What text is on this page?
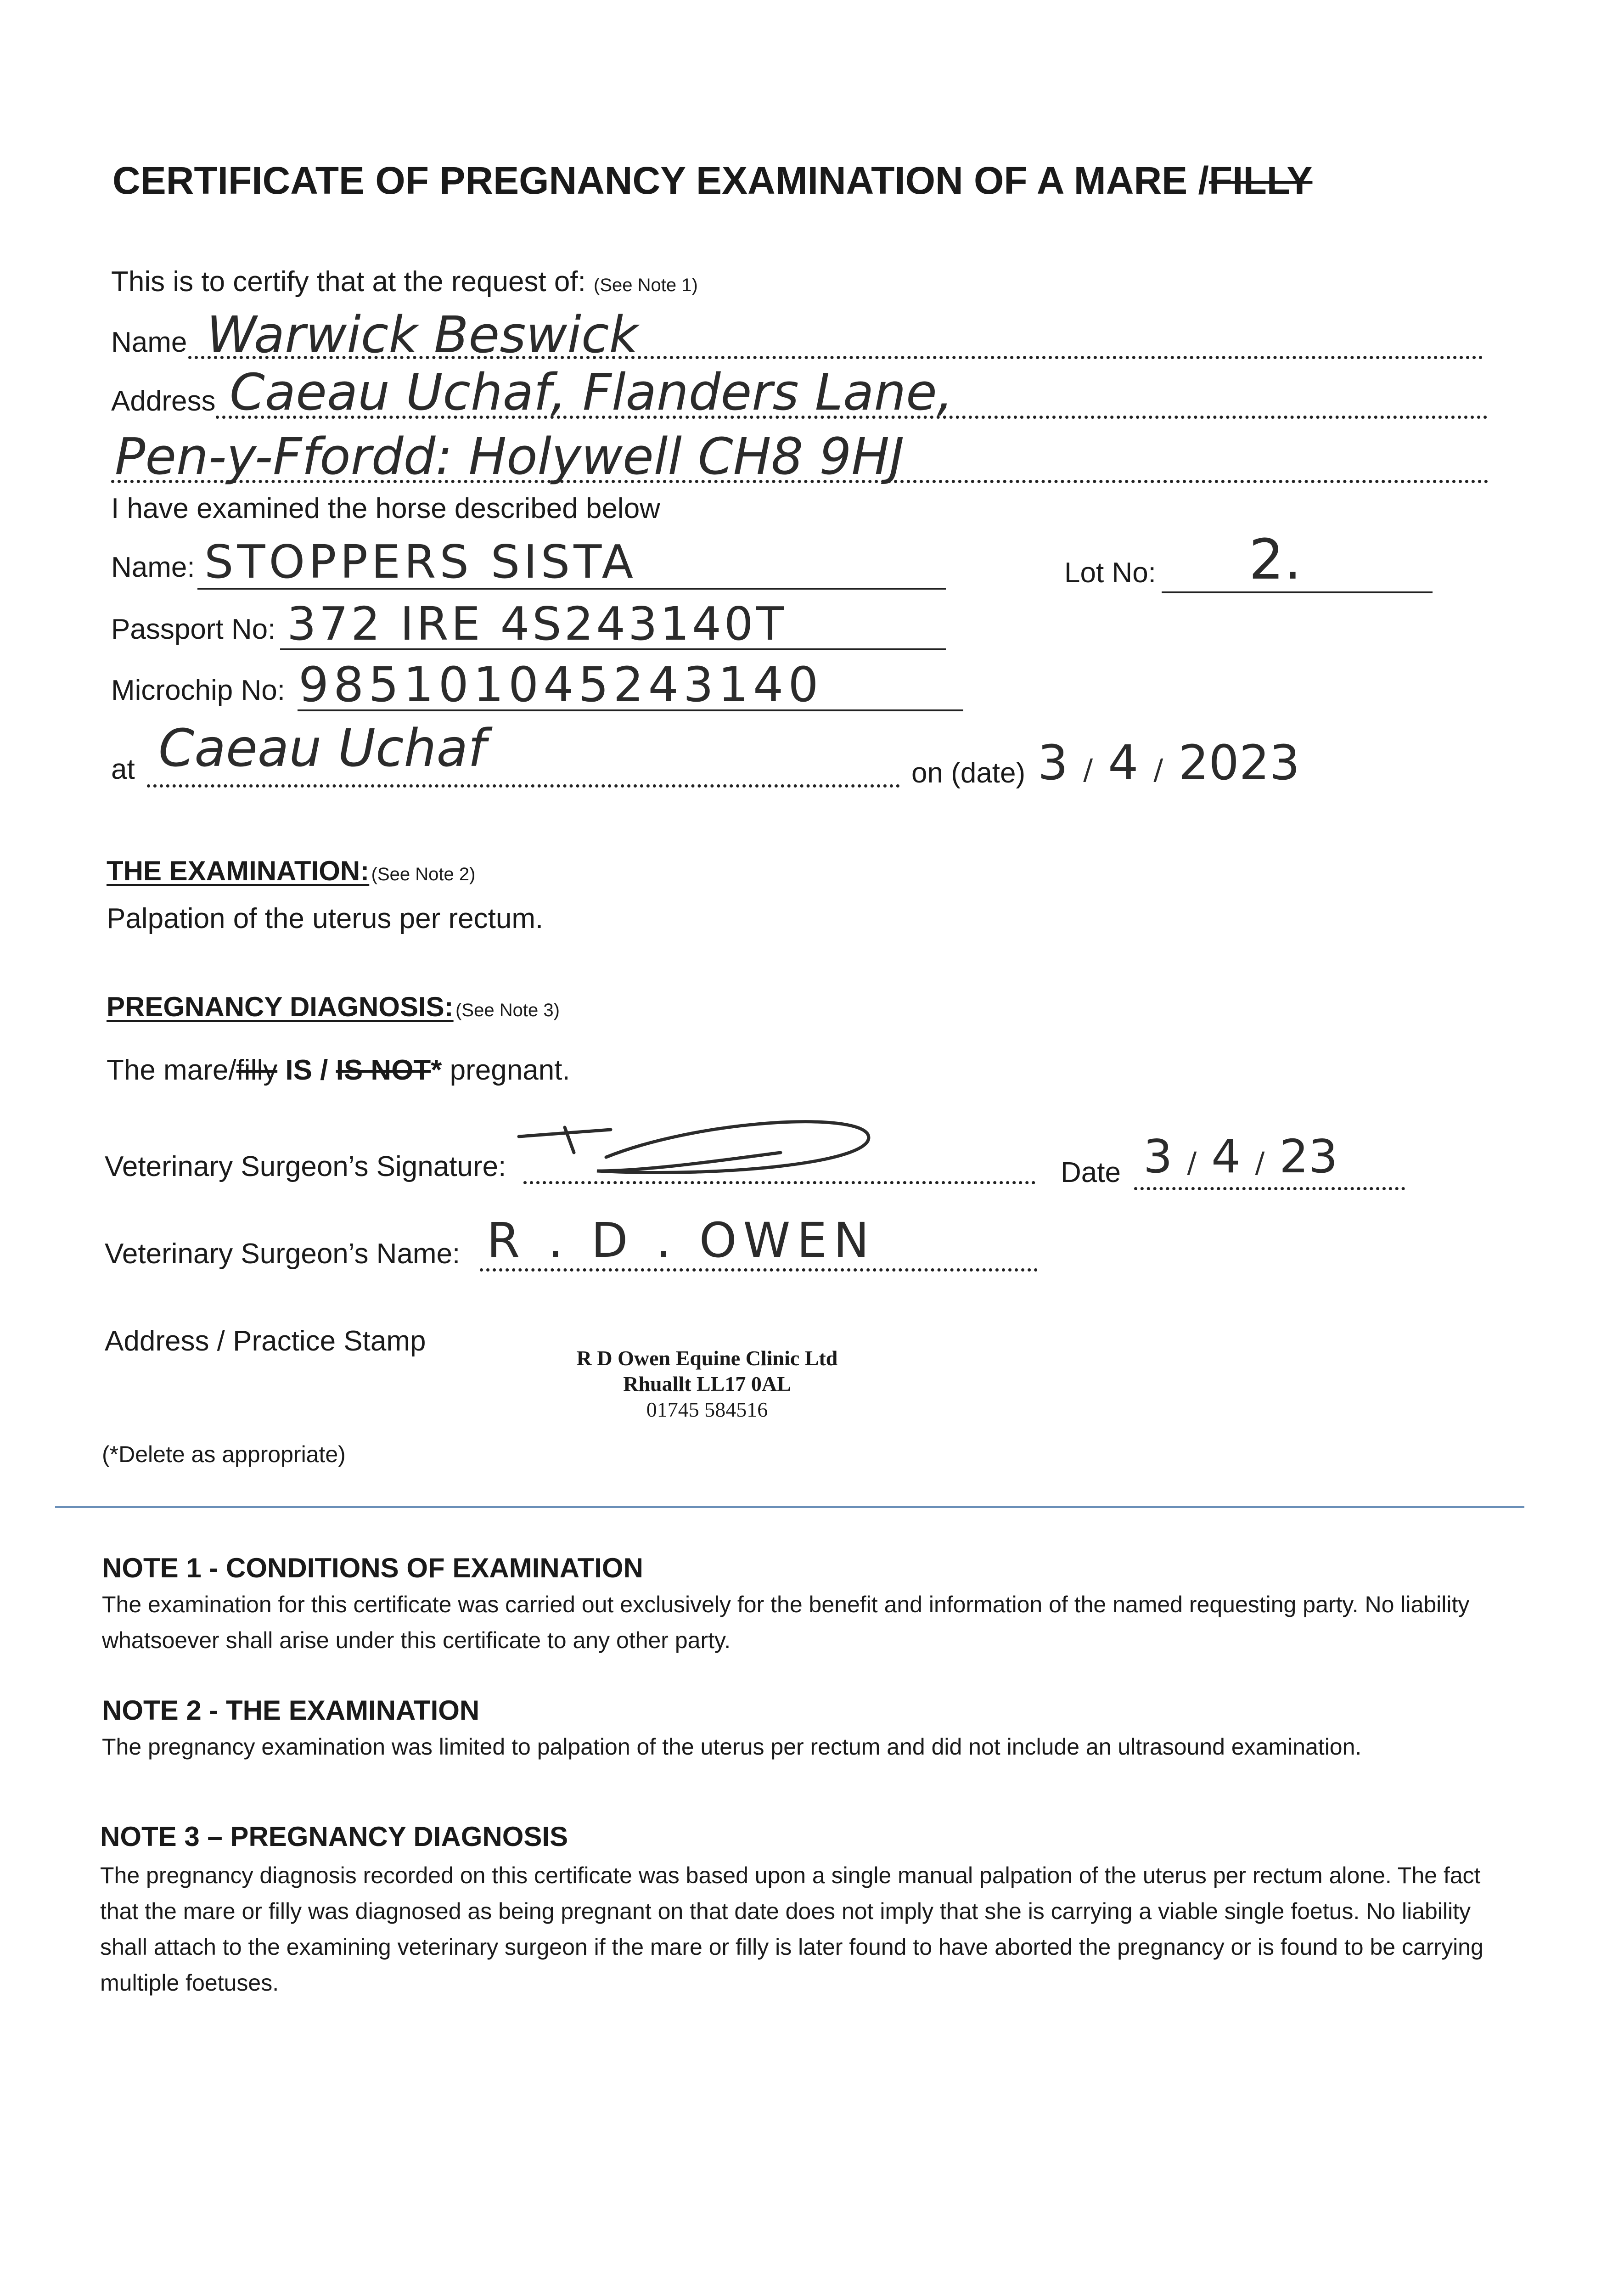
CERTIFICATE OF PREGNANCY EXAMINATION OF A MARE /FILLY
This is to certify that at the request of: (See Note 1)
Name Warwick Beswick
Address Caeau Uchaf, Flanders Lane,
Pen-y-Ffordd: Holywell CH8 9HJ
I have examined the horse described below
Name: STOPPERS SISTA	Lot No: 2.
Passport No: 372 IRE 4S243140T
Microchip No: 985101045243140
at Caeau Uchaf	on (date) 3 / 4 / 2023
THE EXAMINATION: (See Note 2)
Palpation of the uterus per rectum.
PREGNANCY DIAGNOSIS: (See Note 3)
The mare/filly IS / IS NOT* pregnant.
Veterinary Surgeon’s Signature:	Date 3 / 4 / 23
Veterinary Surgeon’s Name: R . D . OWEN
Address / Practice Stamp
R D Owen Equine Clinic Ltd
Rhuallt LL17 0AL
01745 584516
(*Delete as appropriate)
NOTE 1 - CONDITIONS OF EXAMINATION
The examination for this certificate was carried out exclusively for the benefit and information of the named requesting party. No liability whatsoever shall arise under this certificate to any other party.
NOTE 2 - THE EXAMINATION
The pregnancy examination was limited to palpation of the uterus per rectum and did not include an ultrasound examination.
NOTE 3 – PREGNANCY DIAGNOSIS
The pregnancy diagnosis recorded on this certificate was based upon a single manual palpation of the uterus per rectum alone. The fact that the mare or filly was diagnosed as being pregnant on that date does not imply that she is carrying a viable single foetus. No liability shall attach to the examining veterinary surgeon if the mare or filly is later found to have aborted the pregnancy or is found to be carrying multiple foetuses.
